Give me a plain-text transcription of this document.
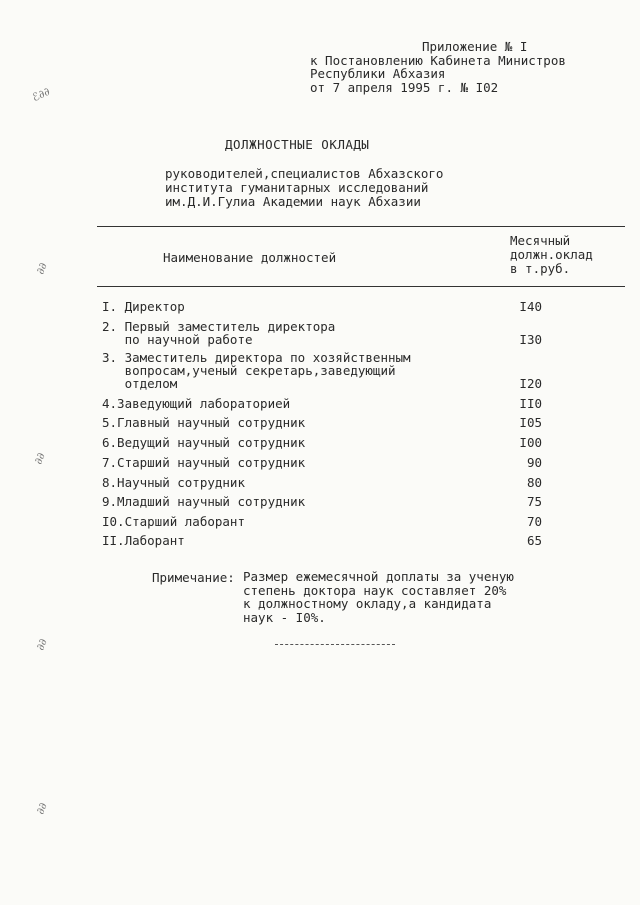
ℰ∂∂
∂∂
∂∂
∂∂
∂∂
Приложение № I
к Постановлению Кабинета Министров
Республики Абхазия
от 7 апреля 1995 г. № I02
ДОЛЖНОСТНЫЕ ОКЛАДЫ
руководителей,специалистов Абхазского
института гуманитарных исследований
им.Д.И.Гулиа Академии наук Абхазии
Наименование должностей
Месячный
должн.оклад
в т.руб.
I. Директор	I40
2. Первый заместитель директора
по научной работе	I30
3. Заместитель директора по хозяйственным
вопросам,ученый секретарь,заведующий
отделом	I20
4.Заведующий лабораторией	II0
5.Главный научный сотрудник	I05
6.Ведущий научный сотрудник	I00
7.Старший научный сотрудник	90
8.Научный сотрудник	80
9.Младший научный сотрудник	75
I0.Старший лаборант	70
II.Лаборант	65
Примечание: Размер ежемесячной доплаты за ученую
степень доктора наук составляет 20%
к должностному окладу,а кандидата
наук - I0%.
